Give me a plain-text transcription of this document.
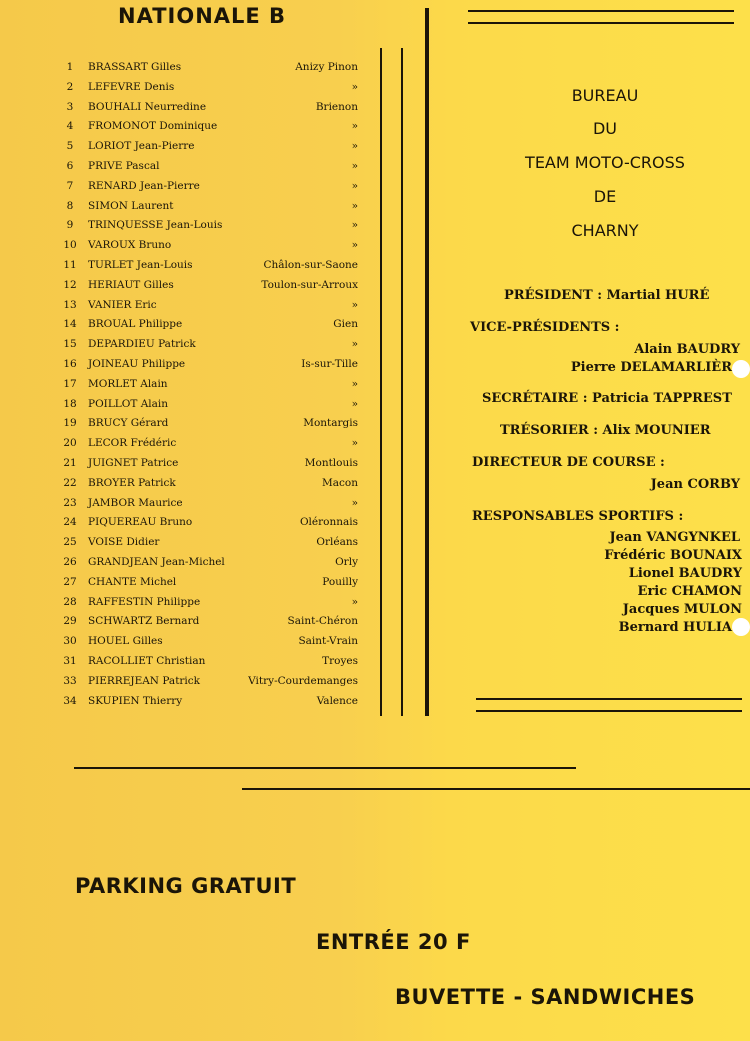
NATIONALE B
1	BRASSART Gilles	Anizy Pinon
2	LEFEVRE Denis	»
3	BOUHALI Neurredine	Brienon
4	FROMONOT Dominique	»
5	LORIOT Jean-Pierre	»
6	PRIVE Pascal	»
7	RENARD Jean-Pierre	»
8	SIMON Laurent	»
9	TRINQUESSE Jean-Louis	»
10	VAROUX Bruno	»
11	TURLET Jean-Louis	Châlon-sur-Saone
12	HERIAUT Gilles	Toulon-sur-Arroux
13	VANIER Eric	»
14	BROUAL Philippe	Gien
15	DEPARDIEU Patrick	»
16	JOINEAU Philippe	Is-sur-Tille
17	MORLET Alain	»
18	POILLOT Alain	»
19	BRUCY Gérard	Montargis
20	LECOR Frédéric	»
21	JUIGNET Patrice	Montlouis
22	BROYER Patrick	Macon
23	JAMBOR Maurice	»
24	PIQUEREAU Bruno	Oléronnais
25	VOISE Didier	Orléans
26	GRANDJEAN Jean-Michel	Orly
27	CHANTE Michel	Pouilly
28	RAFFESTIN Philippe	»
29	SCHWARTZ Bernard	Saint-Chéron
30	HOUEL Gilles	Saint-Vrain
31	RACOLLIET Christian	Troyes
33	PIERREJEAN Patrick	Vitry-Courdemanges
34	SKUPIEN Thierry	Valence
BUREAU
DU
TEAM MOTO-CROSS
DE
CHARNY
PRÉSIDENT : Martial HURÉ
VICE-PRÉSIDENTS :
Alain BAUDRY
Pierre DELAMARLIÈR
SECRÉTAIRE : Patricia TAPPREST
TRÉSORIER : Alix MOUNIER
DIRECTEUR DE COURSE :
Jean CORBY
RESPONSABLES SPORTIFS :
Jean VANGYNKEL
Frédéric BOUNAIX
Lionel BAUDRY
Eric CHAMON
Jacques MULON
Bernard HULIA
PARKING GRATUIT
ENTRÉE 20 F
BUVETTE - SANDWICHES
